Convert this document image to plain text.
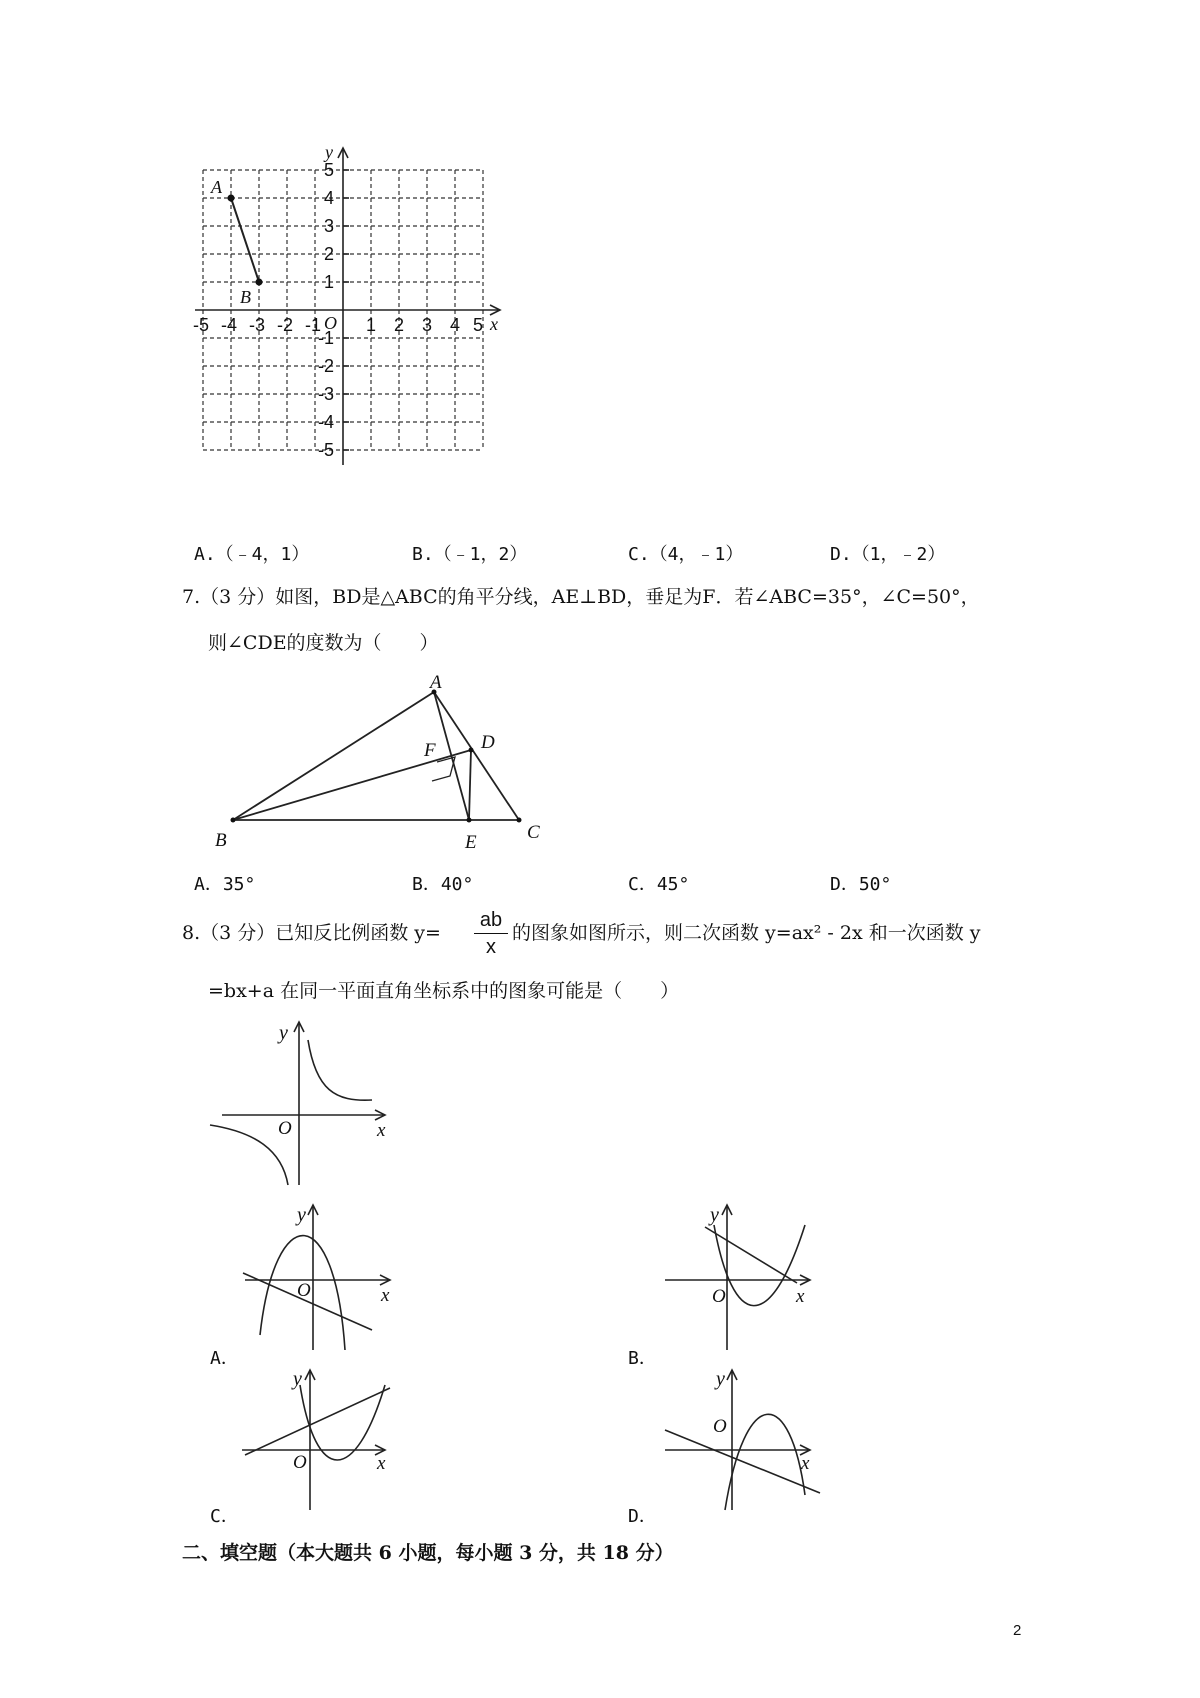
A
B
O	x
y
-5 -4 -3 -2 -1 1 2 3 4 5
5
4
3
2
1
-1
-2
-3
-4
-5
A.（﹣4，1）	B.（﹣1，2）	C.（4，﹣1）	D.（1，﹣2）
7.（3 分）如图，BD是△ABC的角平分线，AE⊥BD，垂足为F．若∠ABC=35°，∠C=50°，
则∠CDE的度数为（　　）
A
B	C
D
E
F
A．35°	B．40°	C．45°	D．50°
8.（3 分）已知反比例函数 y=
ab
x
的图象如图所示，则二次函数 y=ax² - 2x 和一次函数 y
=bx+a 在同一平面直角坐标系中的图象可能是（　　）
y
O	x
y
O	x
y
O	x
y
O	x
y
O
x
A．	B．
C．	D．
二、填空题（本大题共 6 小题，每小题 3 分，共 18 分）
2
